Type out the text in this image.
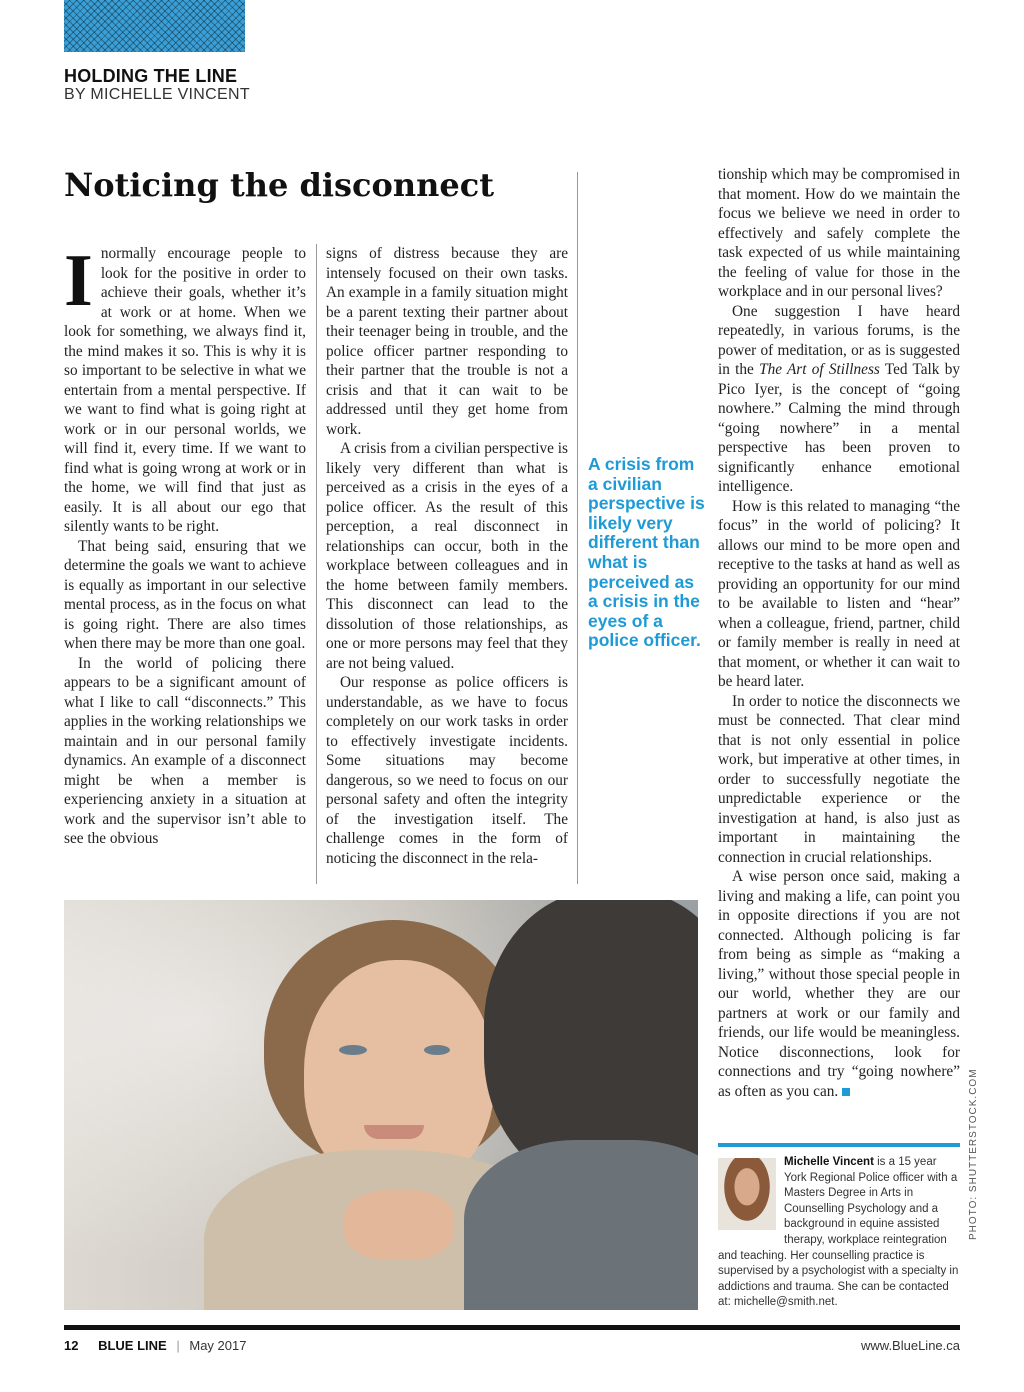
HOLDING THE LINE
BY MICHELLE VINCENT
Noticing the disconnect

Inormally encourage people to look for the positive in order to achieve their goals, whether it’s at work or at home. When we look for something, we always find it, the mind makes it so. This is why it is so important to be selective in what we entertain from a mental perspective. If we want to find what is going right at work or in our personal worlds, we will find it, every time. If we want to find what is going wrong at work or in the home, we will find that just as easily. It is all about our ego that silently wants to be right.

That being said, ensuring that we determine the goals we want to achieve is equally as important in our selective mental process, as in the focus on what is going right. There are also times when there may be more than one goal.

In the world of policing there appears to be a significant amount of what I like to call “disconnects.” This applies in the working relationships we maintain and in our personal family dynamics. An example of a disconnect might be when a member is experiencing anxiety in a situation at work and the supervisor isn’t able to see the obvious

signs of distress because they are intensely focused on their own tasks. An example in a family situation might be a parent texting their partner about their teenager being in trouble, and the police officer partner responding to their partner that the trouble is not a crisis and that it can wait to be addressed until they get home from work.

A crisis from a civilian perspective is likely very different than what is perceived as a crisis in the eyes of a police officer. As the result of this perception, a real disconnect in relationships can occur, both in the workplace between colleagues and in the home between family members. This disconnect can lead to the dissolution of those relationships, as one or more persons may feel that they are not being valued.

Our response as police officers is understandable, as we have to focus completely on our work tasks in order to effectively investigate incidents. Some situations may become dangerous, so we need to focus on our personal safety and often the integrity of the investigation itself. The challenge comes in the form of noticing the disconnect in the rela-

A crisis from a civilian perspective is likely very different than what is perceived as a crisis in the eyes of a police officer.

tionship which may be compromised in that moment. How do we maintain the focus we believe we need in order to effectively and safely complete the task expected of us while maintaining the feeling of value for those in the workplace and in our personal lives?

One suggestion I have heard repeatedly, in various forums, is the power of meditation, or as is suggested in the The Art of Stillness Ted Talk by Pico Iyer, is the concept of “going nowhere.” Calming the mind through “going nowhere” in a mental perspective has been proven to significantly enhance emotional intelligence.

How is this related to managing “the focus” in the world of policing? It allows our mind to be more open and receptive to the tasks at hand as well as providing an opportunity for our mind to be available to listen and “hear” when a colleague, friend, partner, child or family member is really in need at that moment, or whether it can wait to be heard later.

In order to notice the disconnects we must be connected. That clear mind that is not only essential in police work, but imperative at other times, in order to successfully negotiate the unpredictable experience or the investigation at hand, is also just as important in maintaining the connection in crucial relationships.

A wise person once said, making a living and making a life, can point you in opposite directions if you are not connected. Although policing is far from being as simple as “making a living,” without those special people in our world, whether they are our partners at work or our family and friends, our life would be meaningless. Notice disconnections, look for connections and try “going nowhere” as often as you can.	PHOTO: SHUTTERSTOCK.COM
Michelle Vincent is a 15 year York Regional Police officer with a Masters Degree in Arts in Counselling Psychology and a background in equine assisted therapy, workplace reintegration and teaching. Her counselling practice is supervised by a psychologist with a specialty in addictions and trauma. She can be contacted at: michelle@smith.net.
12 BLUE LINE | May 2017	www.BlueLine.ca
